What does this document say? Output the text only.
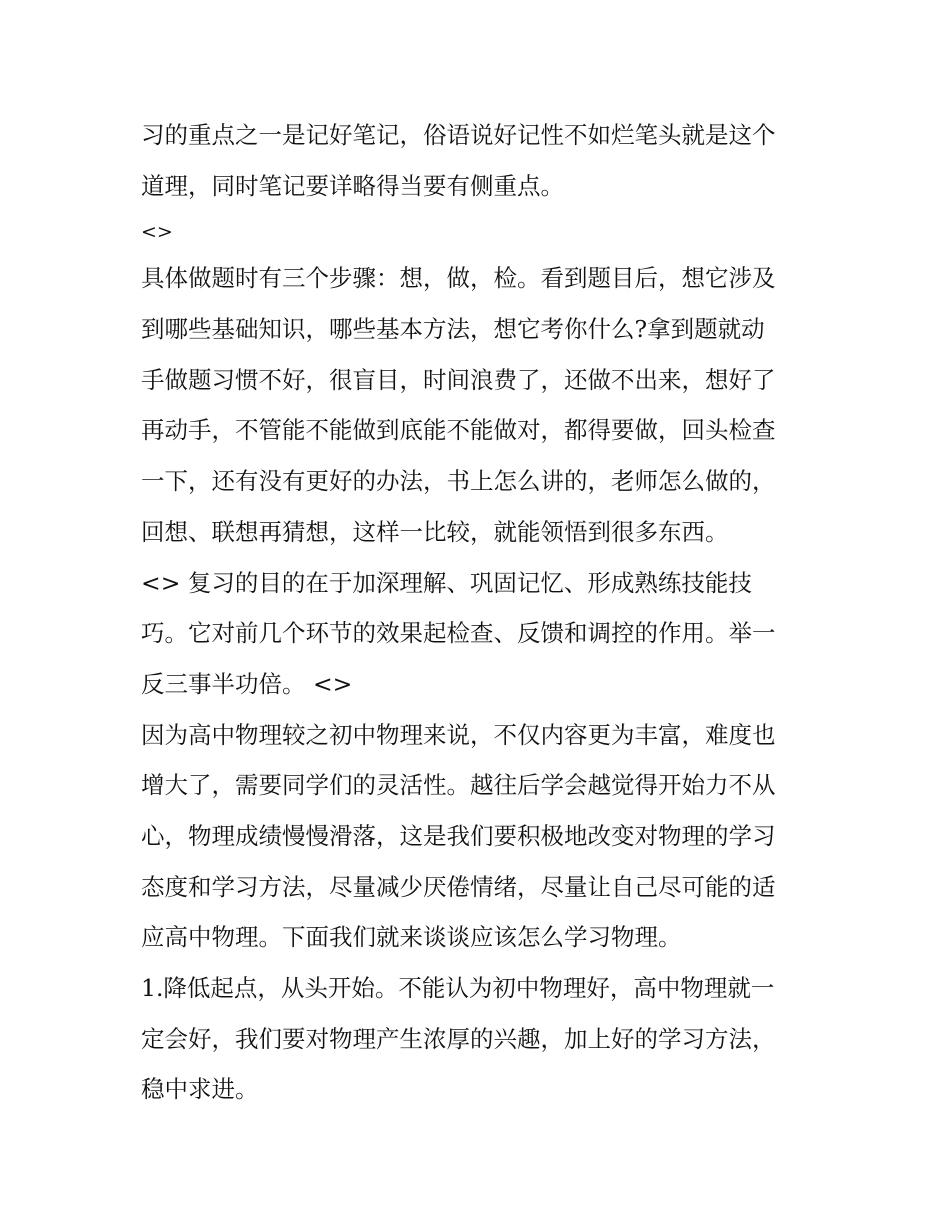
习的重点之一是记好笔记，俗语说好记性不如烂笔头就是这个
道理，同时笔记要详略得当要有侧重点。
<>
具体做题时有三个步骤：想，做，检。看到题目后，想它涉及
到哪些基础知识，哪些基本方法，想它考你什么?拿到题就动
手做题习惯不好，很盲目，时间浪费了，还做不出来，想好了
再动手，不管能不能做到底能不能做对，都得要做，回头检查
一下，还有没有更好的办法，书上怎么讲的，老师怎么做的，
回想、联想再猜想，这样一比较，就能领悟到很多东西。
<> 复习的目的在于加深理解、巩固记忆、形成熟练技能技
巧。它对前几个环节的效果起检查、反馈和调控的作用。举一
反三事半功倍。 <>
因为高中物理较之初中物理来说，不仅内容更为丰富，难度也
增大了，需要同学们的灵活性。越往后学会越觉得开始力不从
心，物理成绩慢慢滑落，这是我们要积极地改变对物理的学习
态度和学习方法，尽量减少厌倦情绪，尽量让自己尽可能的适
应高中物理。下面我们就来谈谈应该怎么学习物理。
1.降低起点，从头开始。不能认为初中物理好，高中物理就一
定会好，我们要对物理产生浓厚的兴趣，加上好的学习方法，
稳中求进。
